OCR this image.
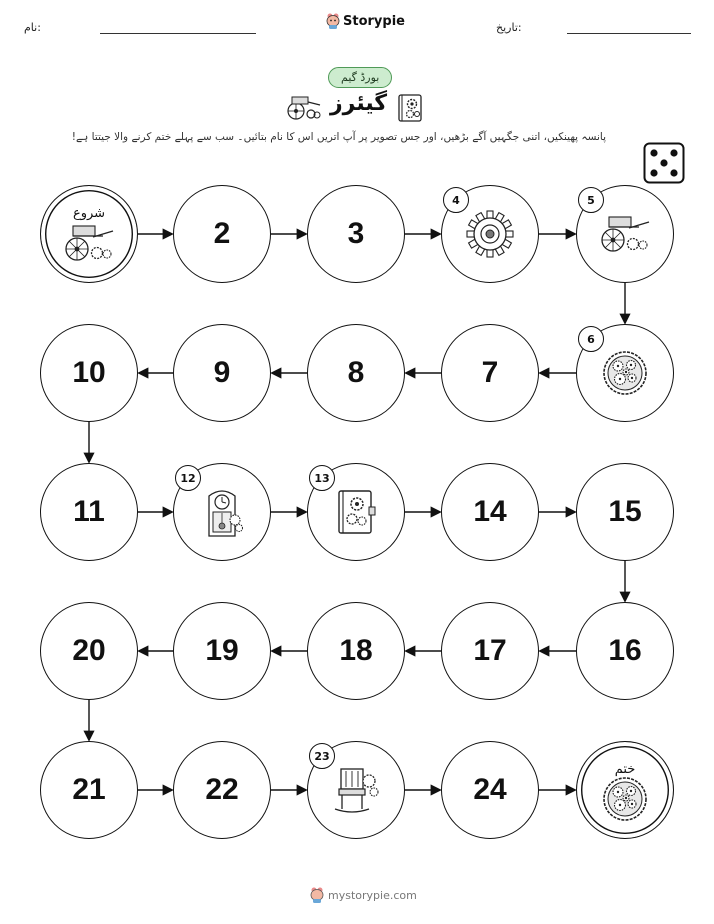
نام:	Storypie	تاریخ:
بورڈ گیم
گیئرز
پانسہ پھینکیں، اتنی جگہیں آگے بڑھیں، اور جس تصویر پر آپ اتریں اس کا نام بتائیں۔ سب سے پہلے ختم کرنے والا جیتتا ہے!
شروع
2	3
4	5
6
7
8
9
10
11
12	13
14	15
16
17
18
19
20
21	22
23
24
ختم
mystorypie.com
